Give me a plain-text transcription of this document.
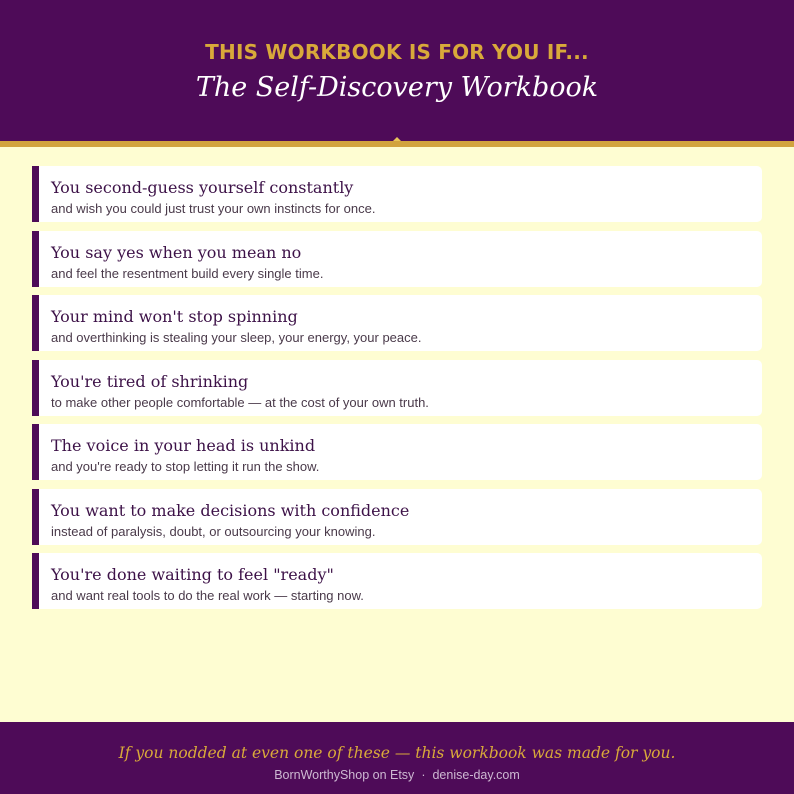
THIS WORKBOOK IS FOR YOU IF...
The Self-Discovery Workbook
You second-guess yourself constantly
and wish you could just trust your own instincts for once.
You say yes when you mean no
and feel the resentment build every single time.
Your mind won't stop spinning
and overthinking is stealing your sleep, your energy, your peace.
You're tired of shrinking
to make other people comfortable — at the cost of your own truth.
The voice in your head is unkind
and you're ready to stop letting it run the show.
You want to make decisions with confidence
instead of paralysis, doubt, or outsourcing your knowing.
You're done waiting to feel "ready"
and want real tools to do the real work — starting now.
If you nodded at even one of these — this workbook was made for you.
BornWorthyShop on Etsy · denise-day.com
